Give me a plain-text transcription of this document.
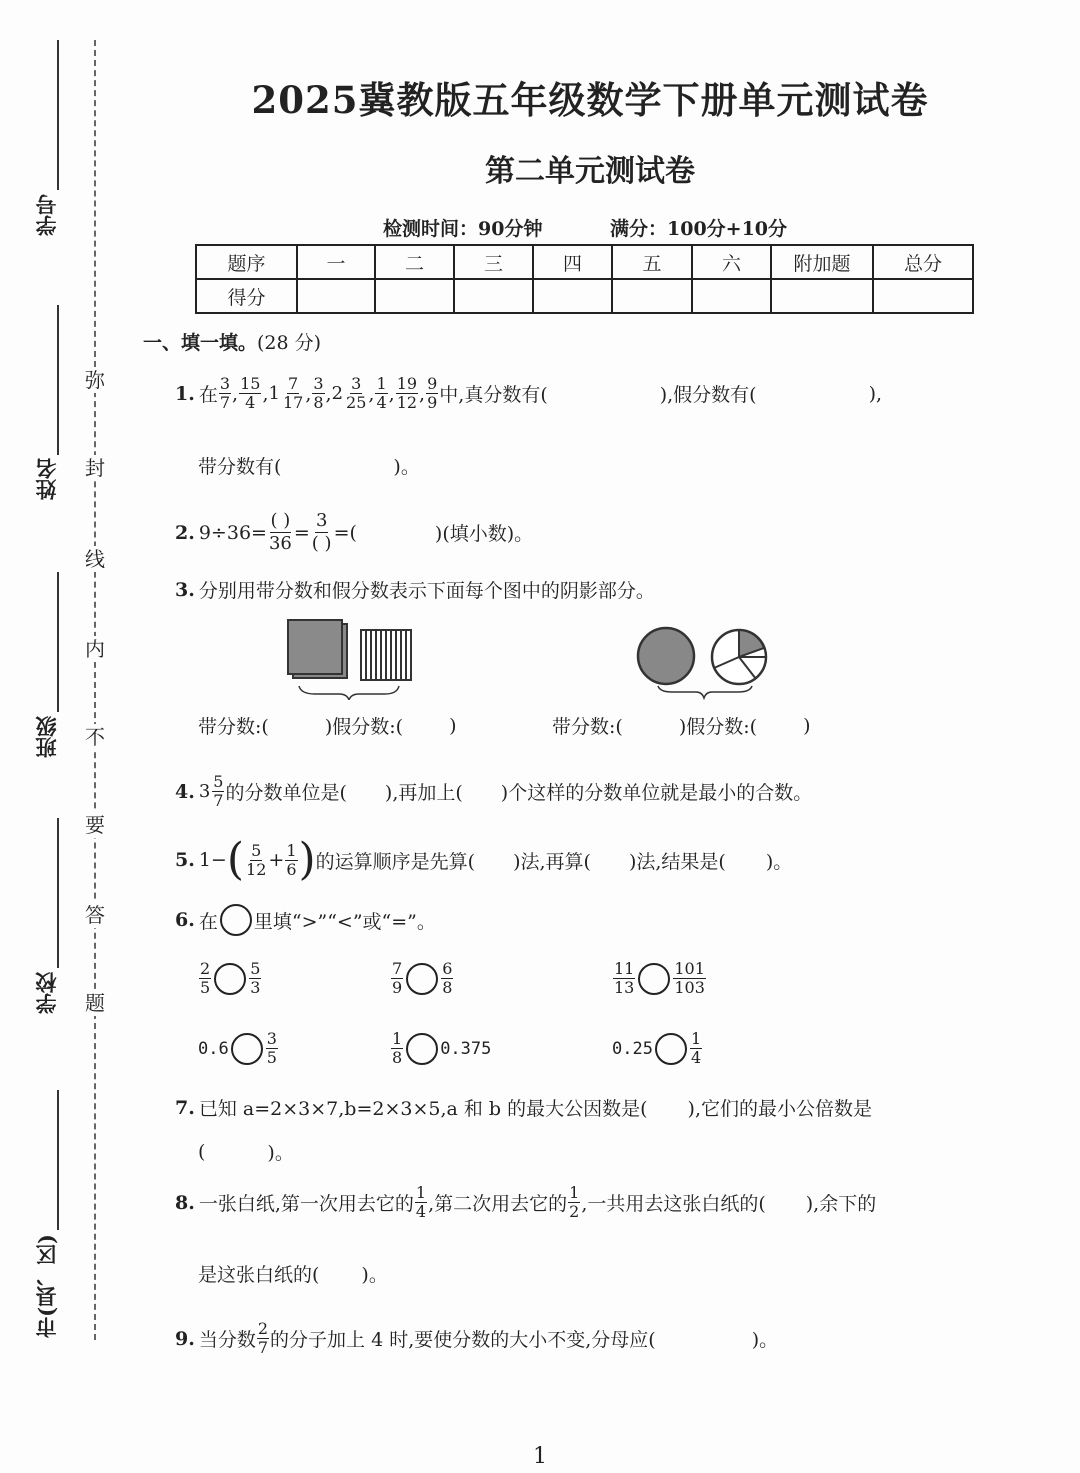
学号
姓名
班级
学校
市(县、区)
弥
封
线
内
不
要
答
题
2025冀教版五年级数学下册单元测试卷
第二单元测试卷
检测时间：90分钟	满分：100分+10分
题序	一	二	三	四	五	六	附加题	总分
得分								
一、填一填。(28 分)
1. 在 $\frac{3}{7}$ , $\frac{15}{4}$ , $1 \frac{7}{17}$ , $\frac{3}{8}$ , $2 \frac{3}{25}$ , $\frac{1}{4}$ , $\frac{19}{12}$ , $\frac{9}{9}$ 中,真分数有(	),假分数有(	),
带分数有(	)。
2. $9\div 36= \frac{( )}{36} = \frac{3}{( )}$ =(	)(填小数)。
3. 分别用带分数和假分数表示下面每个图中的阴影部分。
带分数:(	)假分数:( )	带分数:(	)假分数:( )
4. $3 \frac{5}{7}$ 的分数单位是( ),再加上( )个这样的分数单位就是最小的合数。
5. 1− ( $\frac{5}{12} + \frac{1}{6}$ ) 的运算顺序是先算( )法,再算( )法,结果是( )。
6. 在 里填“>”“<”或“=”。
$\frac{2}{5} \frac{5}{3}$	$\frac{7}{9} \frac{6}{8}$	$\frac{11}{13} \frac{101}{103}$
$0.6 \frac{3}{5}$	$\frac{1}{8} 0.375$	$0.25 \frac{1}{4}$
7. 已知 a=2×3×7,b=2×3×5,a 和 b 的最大公因数是( ),它们的最小公倍数是
(	)。
8. 一张白纸,第一次用去它的 $\frac{1}{4}$ ,第二次用去它的 $\frac{1}{2}$ ,一共用去这张白纸的( ),余下的
是这张白纸的( )。
9. 当分数 $\frac{2}{7}$ 的分子加上 4 时,要使分数的大小不变,分母应(	)。
1
